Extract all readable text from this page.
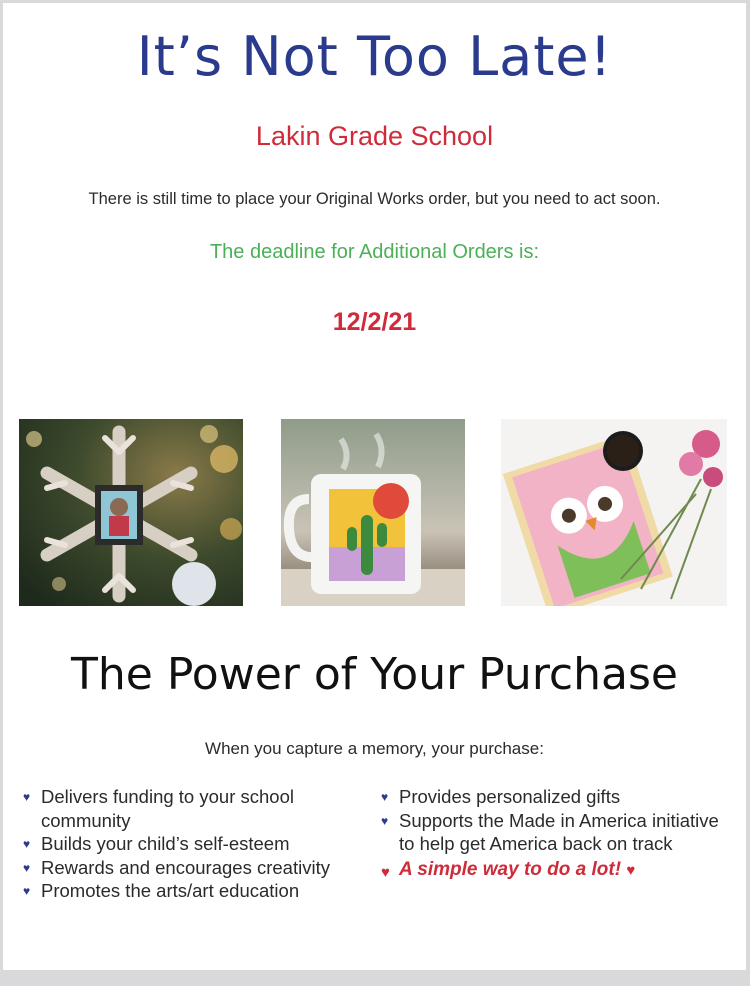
It’s Not Too Late!
Lakin Grade School
There is still time to place your Original Works order, but you need to act soon.
The deadline for Additional Orders is:
12/2/21
The Power of Your Purchase
When you capture a memory, your purchase:
♥ Delivers funding to your school community
♥ Builds your child’s self-esteem
♥ Rewards and encourages creativity
♥ Promotes the arts/art education
♥ Provides personalized gifts
♥ Supports the Made in America initiative to help get America back on track
♥ A simple way to do a lot! ♥
